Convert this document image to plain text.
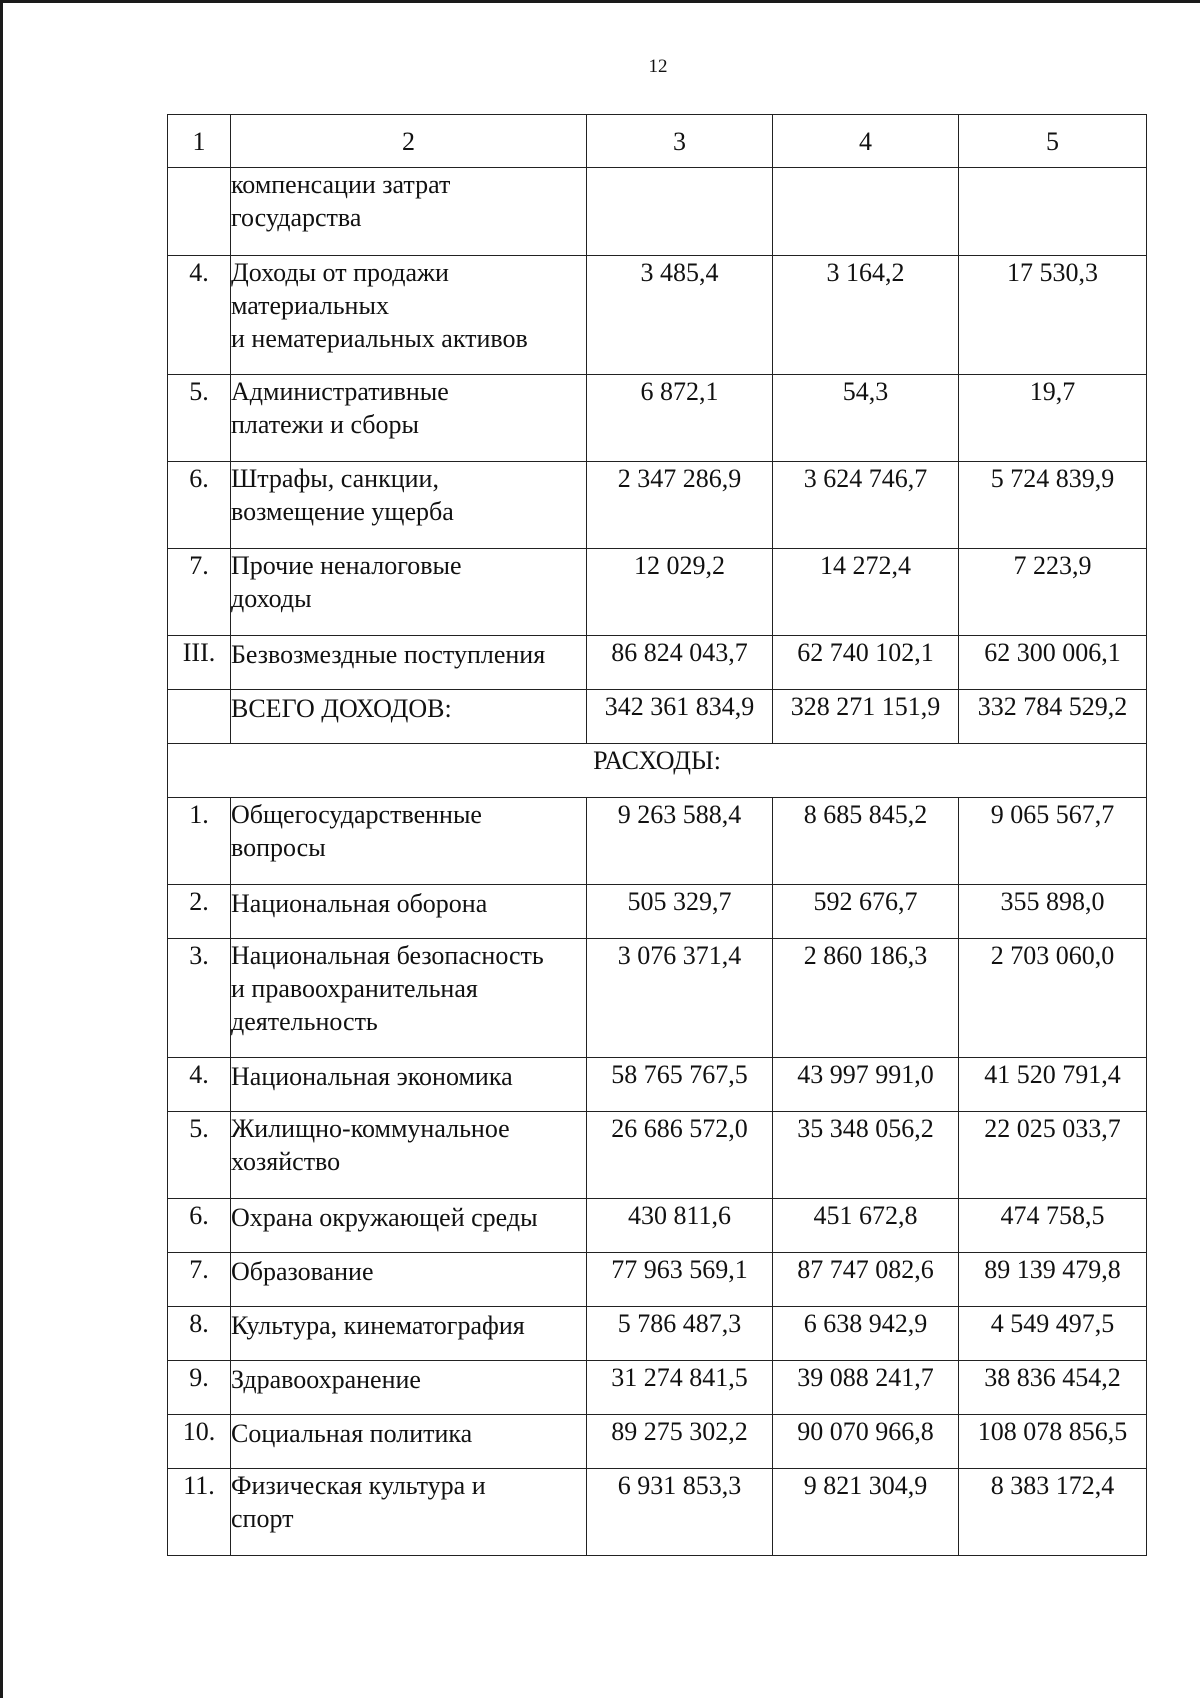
12
1	2	3	4	5

	компенсации затрат
государства			

4.	Доходы от продажи
материальных
и нематериальных активов	3 485,4	3 164,2	17 530,3
5.	Административные
платежи и сборы	6 872,1	54,3	19,7
6.	Штрафы, санкции,
возмещение ущерба	2 347 286,9	3 624 746,7	5 724 839,9
7.	Прочие неналоговые
доходы	12 029,2	14 272,4	7 223,9
III.	Безвозмездные поступления	86 824 043,7	62 740 102,1	62 300 006,1

	ВСЕГО ДОХОДОВ:	342 361 834,9	328 271 151,9	332 784 529,2
РАСХОДЫ:				
1.	Общегосударственные
вопросы	9 263 588,4	8 685 845,2	9 065 567,7
2.	Национальная оборона	505 329,7	592 676,7	355 898,0
3.	Национальная безопасность
и правоохранительная
деятельность	3 076 371,4	2 860 186,3	2 703 060,0
4.	Национальная экономика	58 765 767,5	43 997 991,0	41 520 791,4
5.	Жилищно-коммунальное
хозяйство	26 686 572,0	35 348 056,2	22 025 033,7
6.	Охрана окружающей среды	430 811,6	451 672,8	474 758,5
7.	Образование	77 963 569,1	87 747 082,6	89 139 479,8
8.	Культура, кинематография	5 786 487,3	6 638 942,9	4 549 497,5
9.	Здравоохранение	31 274 841,5	39 088 241,7	38 836 454,2
10.	Социальная политика	89 275 302,2	90 070 966,8	108 078 856,5
11.	Физическая культура и
спорт	6 931 853,3	9 821 304,9	8 383 172,4
